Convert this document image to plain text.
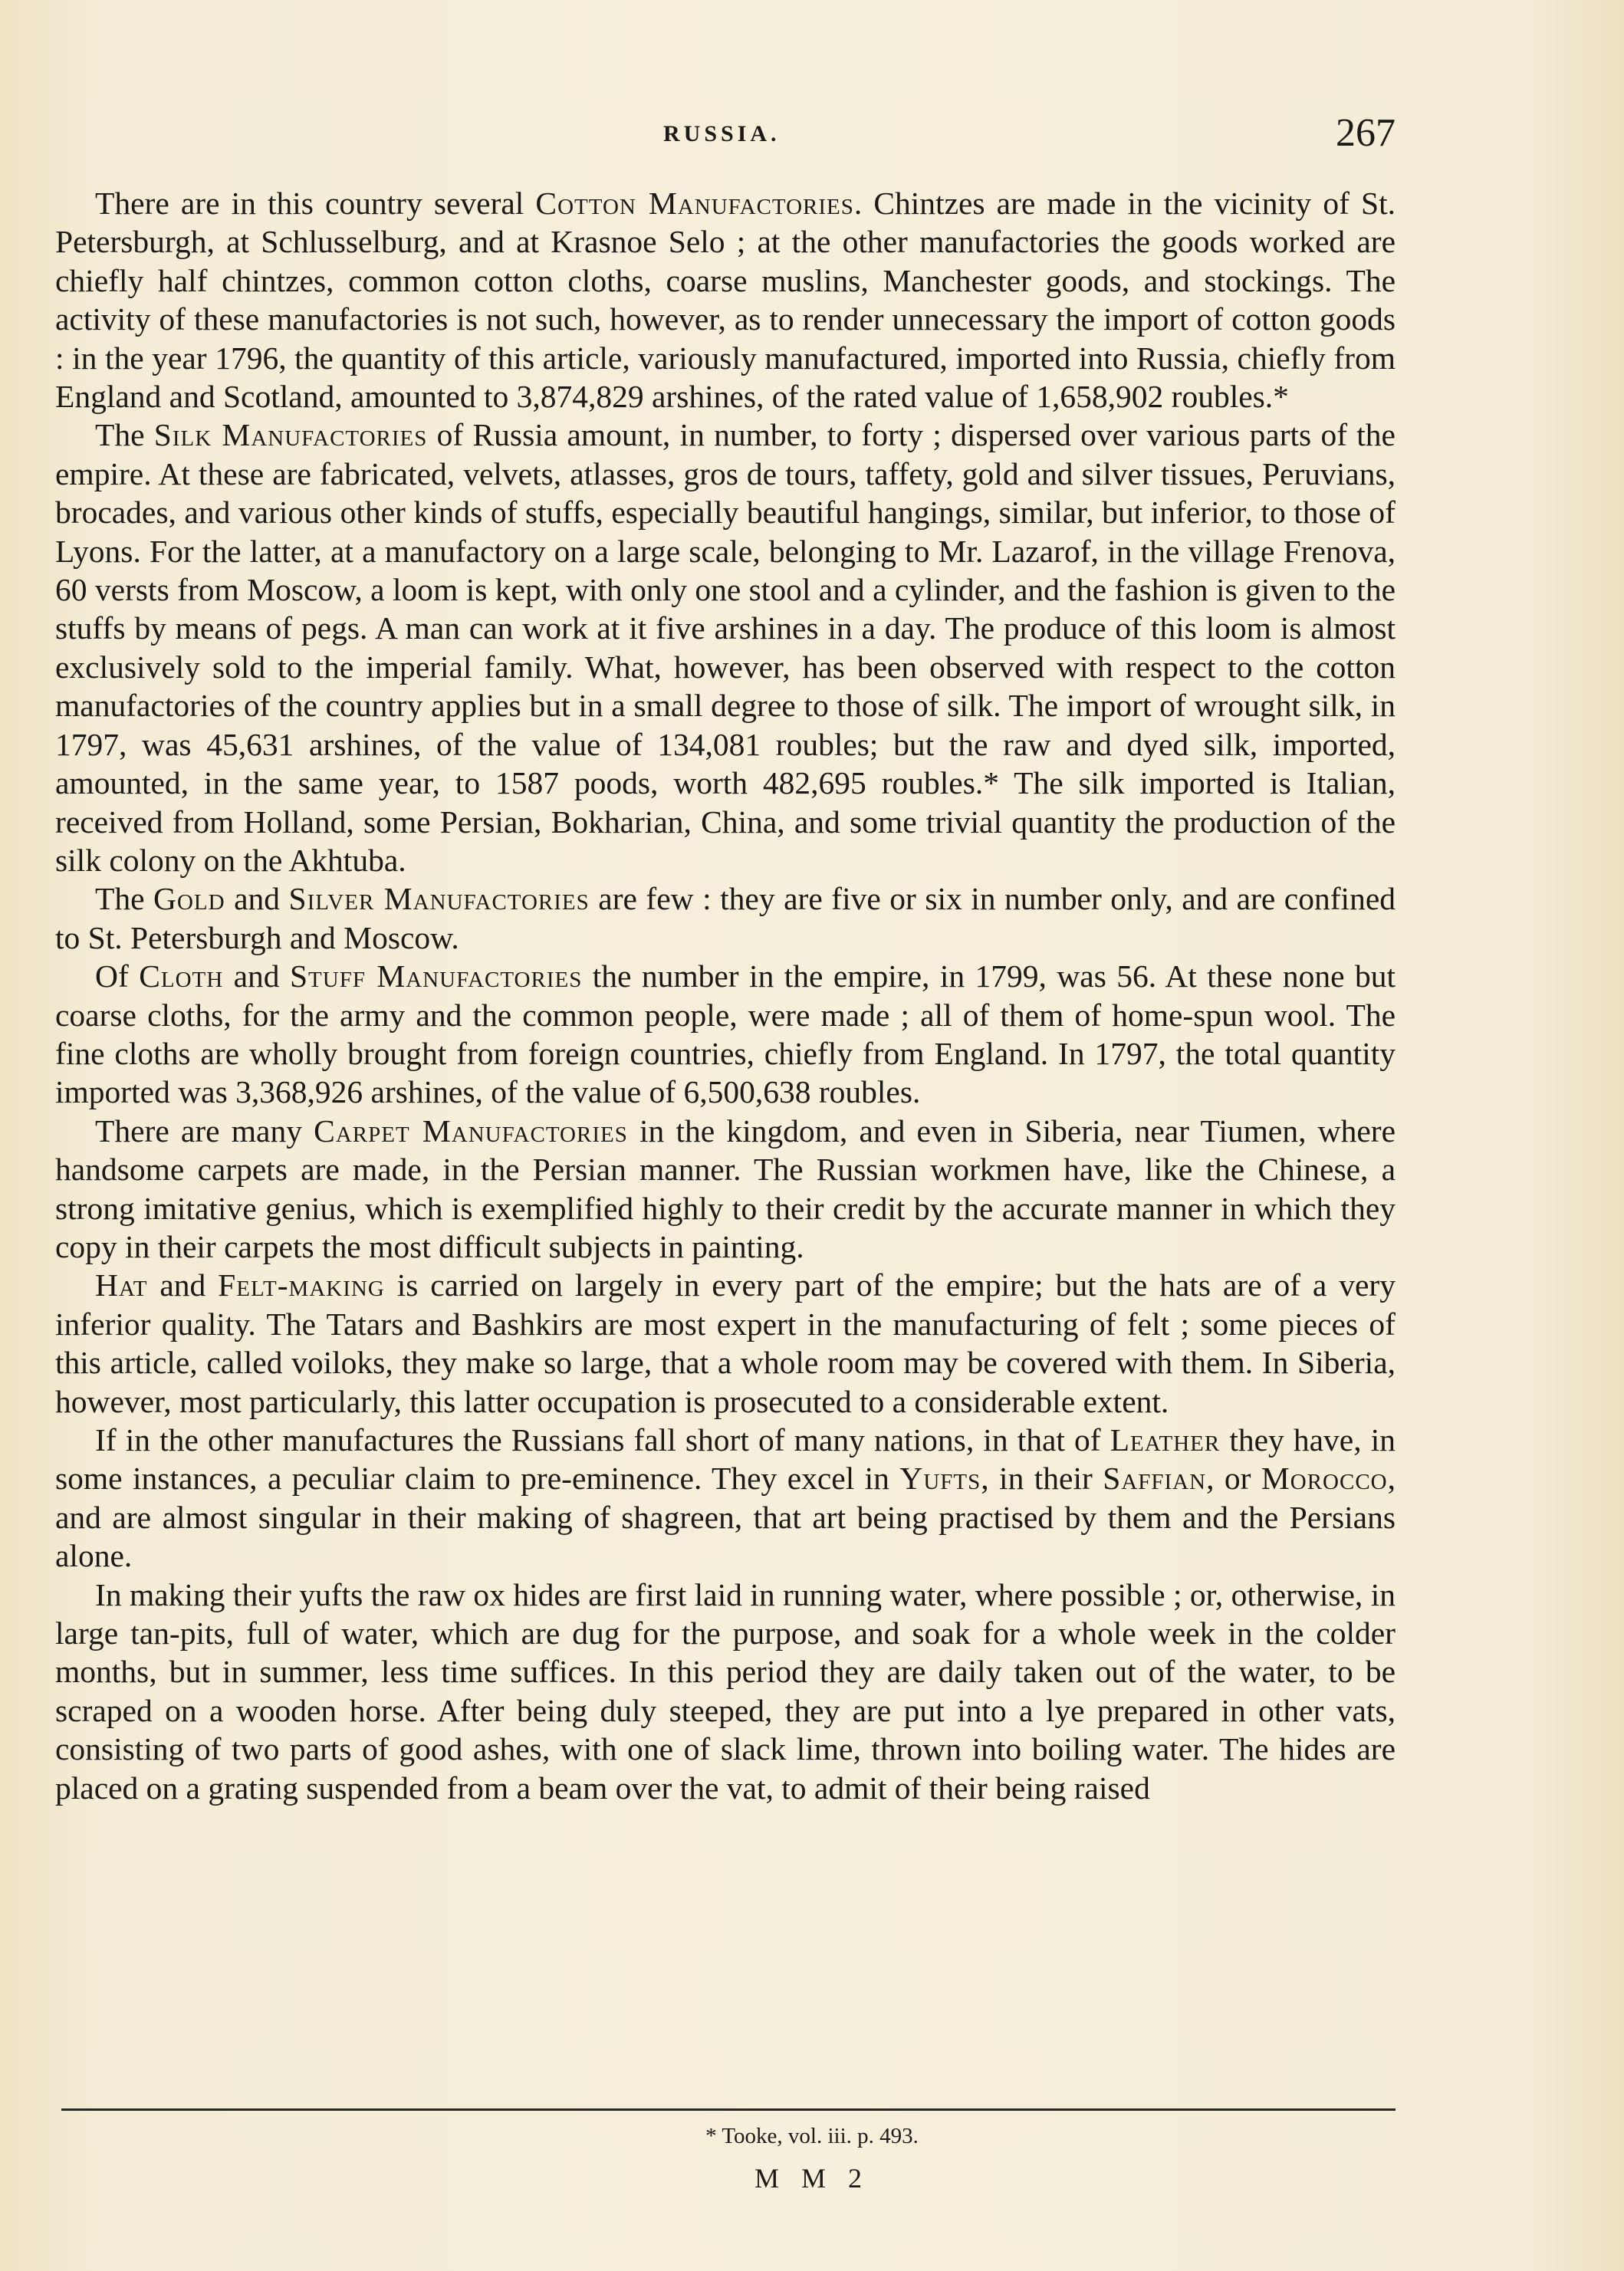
RUSSIA.	267

There are in this country several Cotton Manufactories. Chintzes are made in the vicinity of St. Petersburgh, at Schlusselburg, and at Krasnoe Selo ; at the other manufactories the goods worked are chiefly half chintzes, common cotton cloths, coarse muslins, Manchester goods, and stockings. The activity of these manufactories is not such, however, as to render unnecessary the import of cotton goods : in the year 1796, the quantity of this article, variously manufactured, imported into Russia, chiefly from England and Scotland, amounted to 3,874,829 arshines, of the rated value of 1,658,902 roubles.*

The Silk Manufactories of Russia amount, in number, to forty ; dispersed over various parts of the empire. At these are fabricated, velvets, atlasses, gros de tours, taffety, gold and silver tissues, Peruvians, brocades, and various other kinds of stuffs, especially beautiful hangings, similar, but inferior, to those of Lyons. For the latter, at a manufactory on a large scale, belonging to Mr. Lazarof, in the village Frenova, 60 versts from Moscow, a loom is kept, with only one stool and a cylinder, and the fashion is given to the stuffs by means of pegs. A man can work at it five arshines in a day. The produce of this loom is almost exclusively sold to the imperial family. What, however, has been observed with respect to the cotton manufactories of the country applies but in a small degree to those of silk. The import of wrought silk, in 1797, was 45,631 arshines, of the value of 134,081 roubles; but the raw and dyed silk, imported, amounted, in the same year, to 1587 poods, worth 482,695 roubles.* The silk imported is Italian, received from Holland, some Persian, Bokharian, China, and some trivial quantity the production of the silk colony on the Akhtuba.

The Gold and Silver Manufactories are few : they are five or six in number only, and are confined to St. Petersburgh and Moscow.

Of Cloth and Stuff Manufactories the number in the empire, in 1799, was 56. At these none but coarse cloths, for the army and the common people, were made ; all of them of home-spun wool. The fine cloths are wholly brought from foreign countries, chiefly from England. In 1797, the total quantity imported was 3,368,926 arshines, of the value of 6,500,638 roubles.

There are many Carpet Manufactories in the kingdom, and even in Siberia, near Tiumen, where handsome carpets are made, in the Persian manner. The Russian workmen have, like the Chinese, a strong imitative genius, which is exemplified highly to their credit by the accurate manner in which they copy in their carpets the most difficult subjects in painting.

Hat and Felt-making is carried on largely in every part of the empire; but the hats are of a very inferior quality. The Tatars and Bashkirs are most expert in the manufacturing of felt ; some pieces of this article, called voiloks, they make so large, that a whole room may be covered with them. In Siberia, however, most particularly, this latter occupation is prosecuted to a considerable extent.

If in the other manufactures the Russians fall short of many nations, in that of Leather they have, in some instances, a peculiar claim to pre-eminence. They excel in Yufts, in their Saffian, or Morocco, and are almost singular in their making of shagreen, that art being practised by them and the Persians alone.

In making their yufts the raw ox hides are first laid in running water, where possible ; or, otherwise, in large tan-pits, full of water, which are dug for the purpose, and soak for a whole week in the colder months, but in summer, less time suffices. In this period they are daily taken out of the water, to be scraped on a wooden horse. After being duly steeped, they are put into a lye prepared in other vats, consisting of two parts of good ashes, with one of slack lime, thrown into boiling water. The hides are placed on a grating suspended from a beam over the vat, to admit of their being raised

* Tooke, vol. iii. p. 493.
M M 2
